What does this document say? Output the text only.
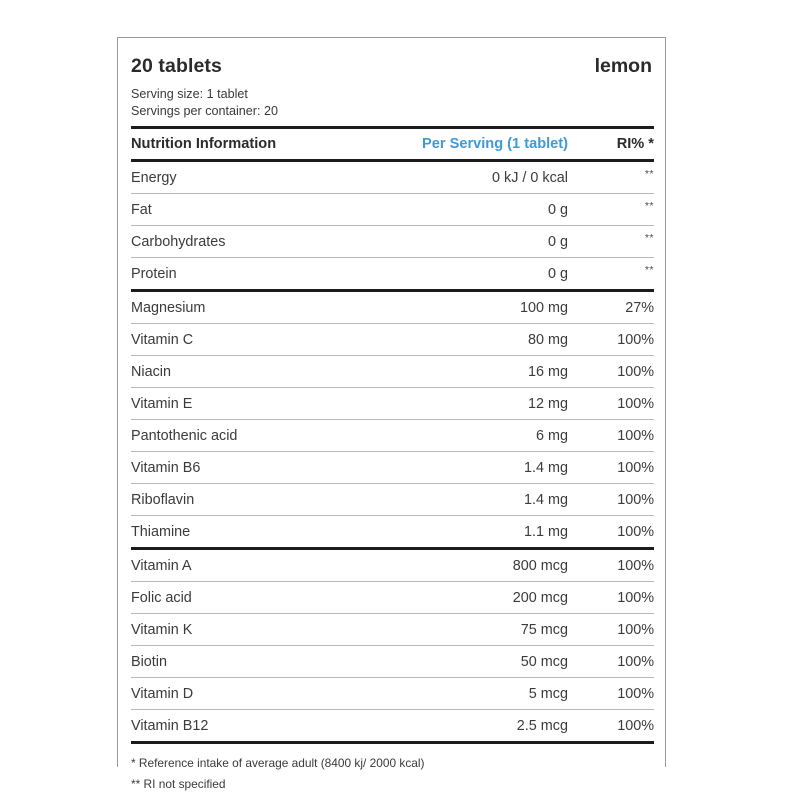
20 tablets	lemon
Serving size: 1 tablet
Servings per container: 20
Nutrition Information	Per Serving (1 tablet)	RI% *
Energy	0 kJ / 0 kcal	**
Fat	0 g	**
Carbohydrates	0 g	**
Protein	0 g	**
Magnesium	100 mg	27%
Vitamin C	80 mg	100%
Niacin	16 mg	100%
Vitamin E	12 mg	100%
Pantothenic acid	6 mg	100%
Vitamin B6	1.4 mg	100%
Riboflavin	1.4 mg	100%
Thiamine	1.1 mg	100%
Vitamin A	800 mcg	100%
Folic acid	200 mcg	100%
Vitamin K	75 mcg	100%
Biotin	50 mcg	100%
Vitamin D	5 mcg	100%
Vitamin B12	2.5 mcg	100%
* Reference intake of average adult (8400 kj/ 2000 kcal)
** RI not specified
